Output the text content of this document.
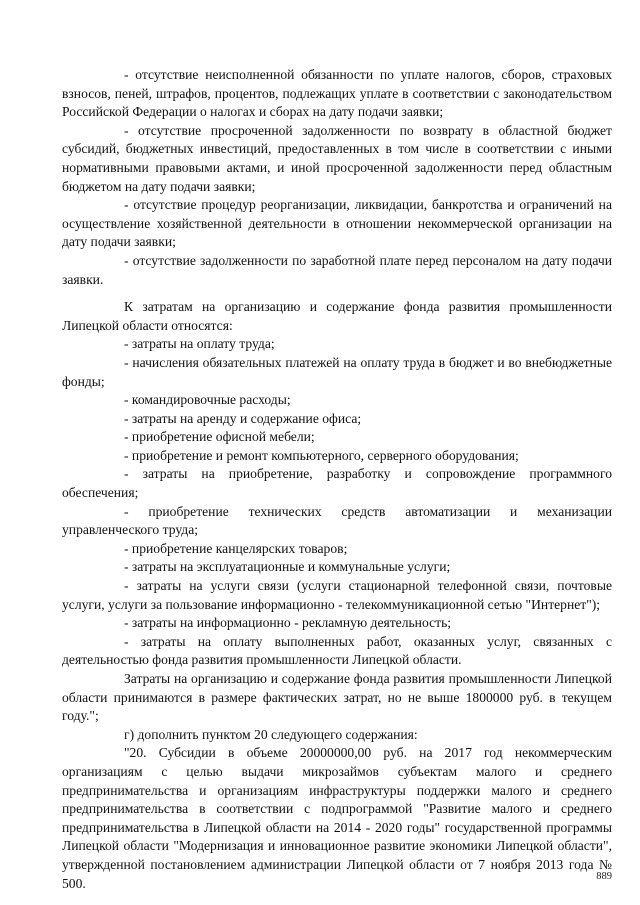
- отсутствие неисполненной обязанности по уплате налогов, сборов, страховых взносов, пеней, штрафов, процентов, подлежащих уплате в соответствии с законодательством Российской Федерации о налогах и сборах на дату подачи заявки;

- отсутствие просроченной задолженности по возврату в областной бюджет субсидий, бюджетных инвестиций, предоставленных в том числе в соответствии с иными нормативными правовыми актами, и иной просроченной задолженности перед областным бюджетом на дату подачи заявки;

- отсутствие процедур реорганизации, ликвидации, банкротства и ограничений на осуществление хозяйственной деятельности в отношении некоммерческой организации на дату подачи заявки;

- отсутствие задолженности по заработной плате перед персоналом на дату подачи заявки.

К затратам на организацию и содержание фонда развития промышленности Липецкой области относятся:

- затраты на оплату труда;

- начисления обязательных платежей на оплату труда в бюджет и во внебюджетные фонды;

- командировочные расходы;

- затраты на аренду и содержание офиса;

- приобретение офисной мебели;

- приобретение и ремонт компьютерного, серверного оборудования;

- затраты на приобретение, разработку и сопровождение программного обеспечения;

- приобретение технических средств автоматизации и механизации управленческого труда;

- приобретение канцелярских товаров;

- затраты на эксплуатационные и коммунальные услуги;

- затраты на услуги связи (услуги стационарной телефонной связи, почтовые услуги, услуги за пользование информационно - телекоммуникационной сетью "Интернет");

- затраты на информационно - рекламную деятельность;

- затраты на оплату выполненных работ, оказанных услуг, связанных с деятельностью фонда развития промышленности Липецкой области.

Затраты на организацию и содержание фонда развития промышленности Липецкой области принимаются в размере фактических затрат, но не выше 1800000 руб. в текущем году.";

г) дополнить пунктом 20 следующего содержания:

"20. Субсидии в объеме 20000000,00 руб. на 2017 год некоммерческим организациям с целью выдачи микрозаймов субъектам малого и среднего предпринимательства и организациям инфраструктуры поддержки малого и среднего предпринимательства в соответствии с подпрограммой "Развитие малого и среднего предпринимательства в Липецкой области на 2014 - 2020 годы" государственной программы Липецкой области "Модернизация и инновационное развитие экономики Липецкой области", утвержденной постановлением администрации Липецкой области от 7 ноября 2013 года № 500.	889
